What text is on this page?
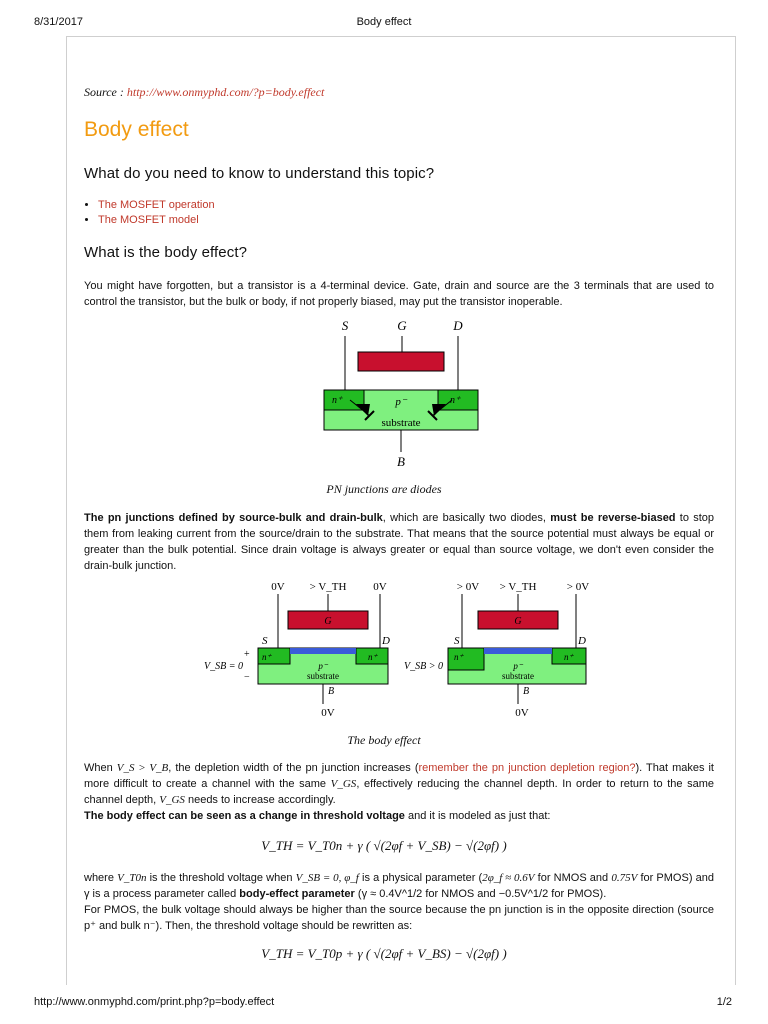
8/31/2017	Body effect
Source : http://www.onmyphd.com/?p=body.effect
Body effect
What do you need to know to understand this topic?
• The MOSFET operation
• The MOSFET model
What is the body effect?

You might have forgotten, but a transistor is a 4-terminal device. Gate, drain and source are the 3 terminals that are used to control the transistor, but the bulk or body, if not properly biased, may put the transistor inoperable.

S	G	D
n⁺	n⁺
p⁻
substrate
B
PN junctions are diodes

The pn junctions defined by source-bulk and drain-bulk, which are basically two diodes, must be reverse-biased to stop them from leaking current from the source/drain to the substrate. That means that the source potential must always be equal or greater than the bulk potential. Since drain voltage is always greater or equal than source voltage, we don't even consider the drain-bulk junction.

0V > V_TH 0V
G
S	D
n⁺	n⁺
p⁻
substrate
+
−
V_SB = 0
B
0V
> 0V > V_TH	> 0V
G
S	D
n⁺	n⁺
p⁻
substrate
V_SB > 0
B
0V
The body effect

When V_S > V_B, the depletion width of the pn junction increases (remember the pn junction depletion region?). That makes it more difficult to create a channel with the same V_GS, effectively reducing the channel depth. In order to return to the same channel depth, V_GS needs to increase accordingly.
The body effect can be seen as a change in threshold voltage and it is modeled as just that:

V_TH = V_T0n + γ ( √(2φf + V_SB) − √(2φf) )

where V_T0n is the threshold voltage when V_SB = 0, φ_f is a physical parameter (2φ_f ≈ 0.6V for NMOS and 0.75V for PMOS) and γ is a process parameter called body-effect parameter (γ ≈ 0.4V^1/2 for NMOS and −0.5V^1/2 for PMOS).
For PMOS, the bulk voltage should always be higher than the source because the pn junction is in the opposite direction (source p⁺ and bulk n⁻). Then, the threshold voltage should be rewritten as:

V_TH = V_T0p + γ ( √(2φf + V_BS) − √(2φf) )
http://www.onmyphd.com/print.php?p=body.effect	1/2
